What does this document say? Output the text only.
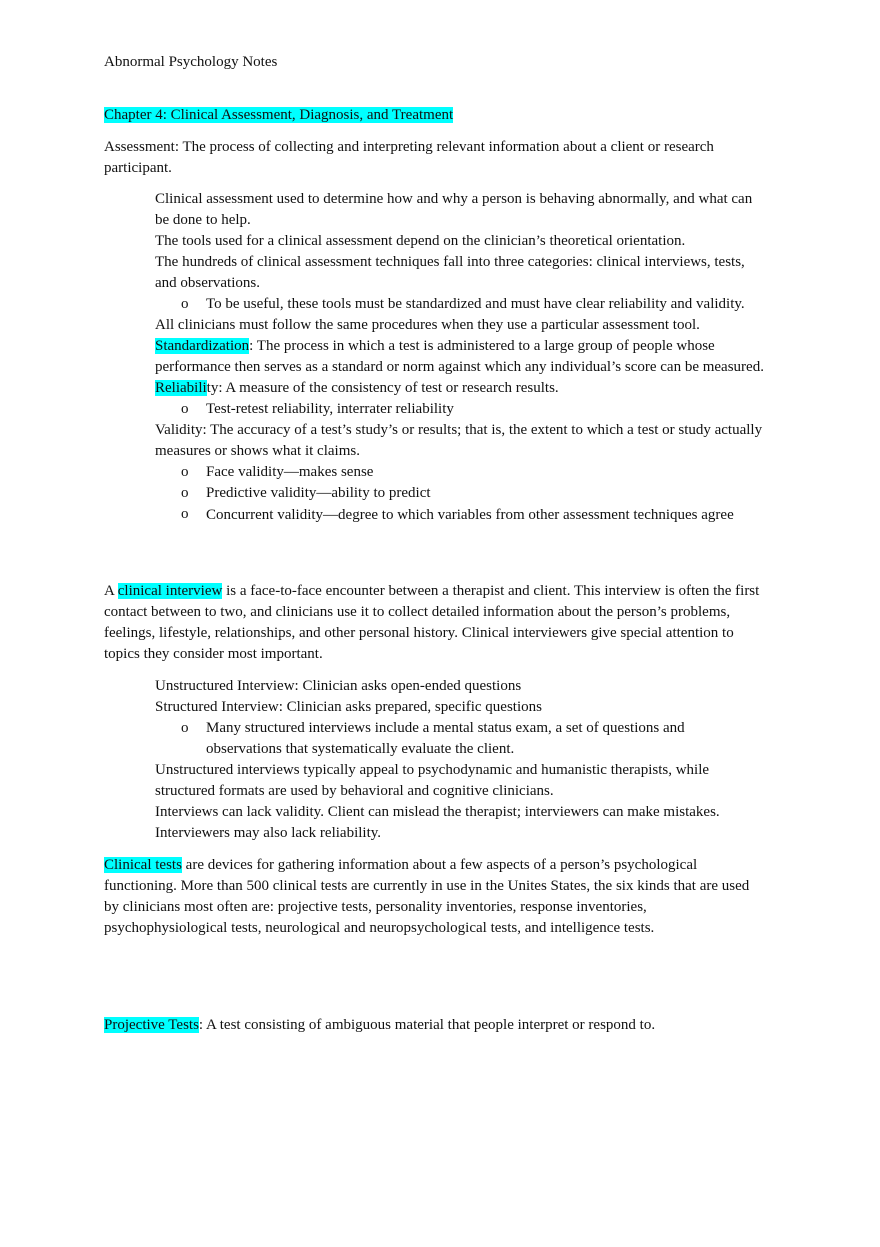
Abnormal Psychology Notes
Chapter 4: Clinical Assessment, Diagnosis, and Treatment

Assessment: The process of collecting and interpreting relevant information about a client or research participant.

Clinical assessment used to determine how and why a person is behaving abnormally, and what can be done to help.
The tools used for a clinical assessment depend on the clinician’s theoretical orientation.
The hundreds of clinical assessment techniques fall into three categories: clinical interviews, tests, and observations.
o To be useful, these tools must be standardized and must have clear reliability and validity.
All clinicians must follow the same procedures when they use a particular assessment tool.
Standardization: The process in which a test is administered to a large group of people whose performance then serves as a standard or norm against which any individual’s score can be measured.
Reliability: A measure of the consistency of test or research results.
o Test-retest reliability, interrater reliability
Validity: The accuracy of a test’s study’s or results; that is, the extent to which a test or study actually measures or shows what it claims.
o Face validity—makes sense
o Predictive validity—ability to predict
o Concurrent validity—degree to which variables from other assessment techniques agree

A clinical interview is a face-to-face encounter between a therapist and client. This interview is often the first contact between to two, and clinicians use it to collect detailed information about the person’s problems, feelings, lifestyle, relationships, and other personal history. Clinical interviewers give special attention to topics they consider most important.

Unstructured Interview: Clinician asks open-ended questions
Structured Interview: Clinician asks prepared, specific questions
o Many structured interviews include a mental status exam, a set of questions and observations that systematically evaluate the client.
Unstructured interviews typically appeal to psychodynamic and humanistic therapists, while structured formats are used by behavioral and cognitive clinicians.
Interviews can lack validity. Client can mislead the therapist; interviewers can make mistakes.
Interviewers may also lack reliability.

Clinical tests are devices for gathering information about a few aspects of a person’s psychological functioning. More than 500 clinical tests are currently in use in the Unites States, the six kinds that are used by clinicians most often are: projective tests, personality inventories, response inventories, psychophysiological tests, neurological and neuropsychological tests, and intelligence tests.

Projective Tests: A test consisting of ambiguous material that people interpret or respond to.
